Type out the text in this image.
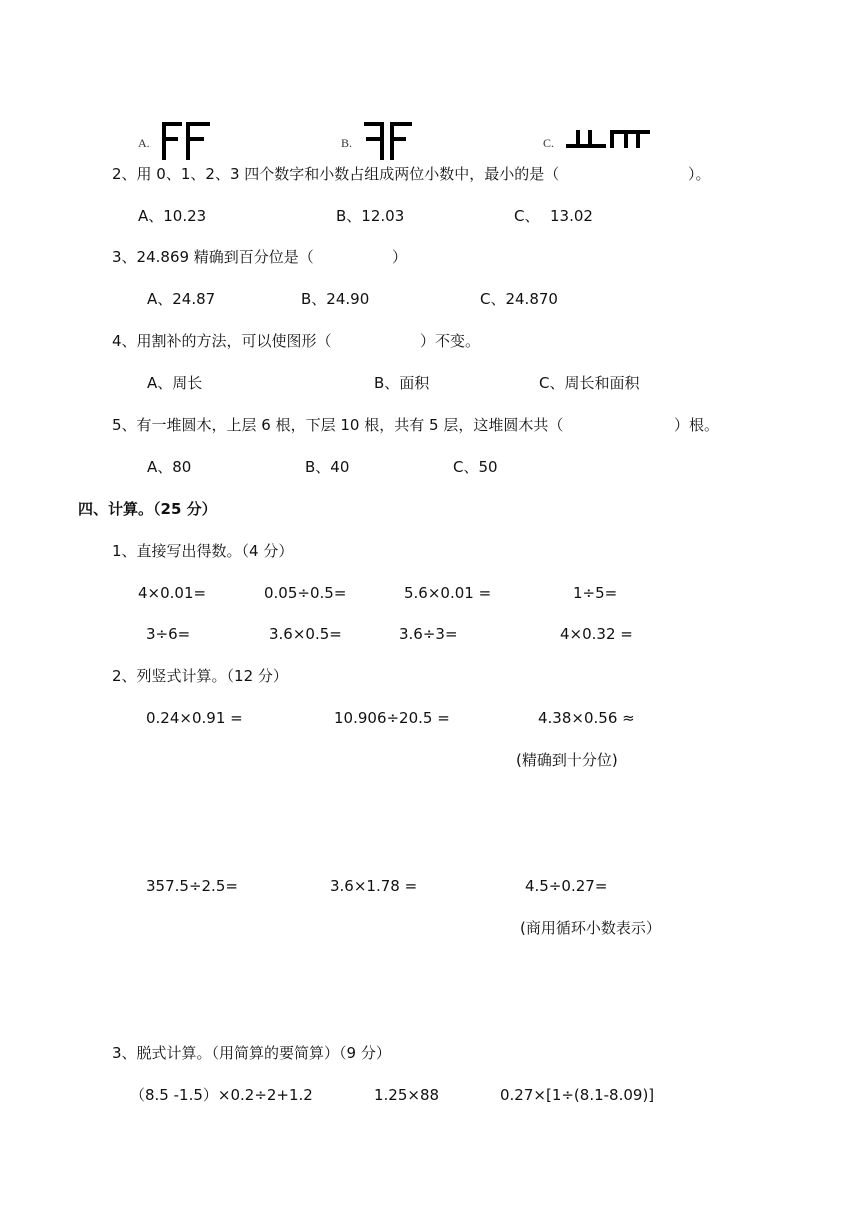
A.	B.	C.
2、用 0、1、2、3 四个数字和小数占组成两位小数中，最小的是（	）。
A、10.23	B、12.03	C、 13.02
3、24.869 精确到百分位是（	）
A、24.87	B、24.90	C、24.870
4、用割补的方法，可以使图形（	）不变。
A、周长	B、面积	C、周长和面积
5、有一堆圆木，上层 6 根，下层 10 根，共有 5 层，这堆圆木共（	）根。
A、80	B、40	C、50
四、计算。（25 分）
1、直接写出得数。（4 分）
4×0.01=	0.05÷0.5=	5.6×0.01 =	1÷5=
3÷6=	3.6×0.5=	3.6÷3=	4×0.32 =
2、列竖式计算。（12 分）
0.24×0.91 =	10.906÷20.5 =	4.38×0.56 ≈
(精确到十分位)
357.5÷2.5=	3.6×1.78 =	4.5÷0.27=
(商用循环小数表示）
3、脱式计算。（用简算的要简算）（9 分）
（8.5 -1.5）×0.2÷2+1.2	1.25×88	0.27×[1÷(8.1-8.09)]
